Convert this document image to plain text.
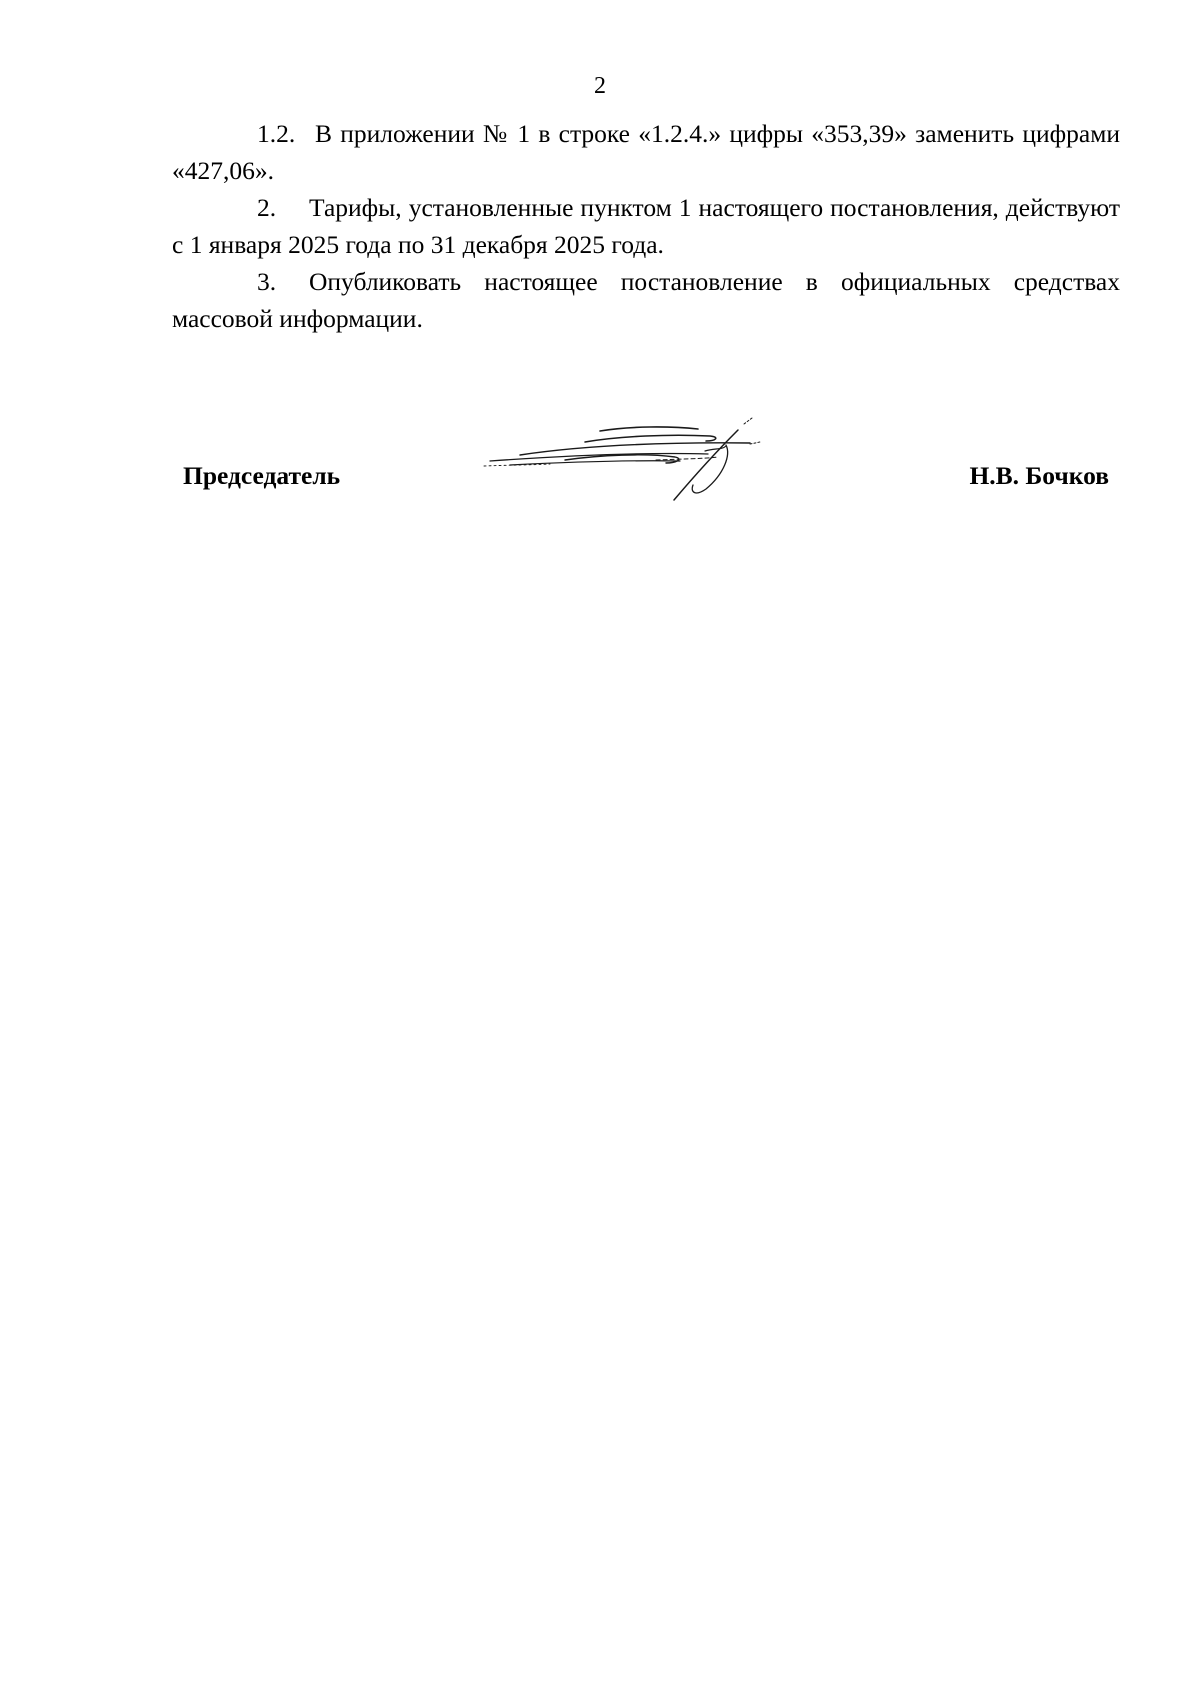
2

1.2. В приложении № 1 в строке «1.2.4.» цифры «353,39» заменить цифрами «427,06».

2. Тарифы, установленные пунктом 1 настоящего постановления, действуют с 1 января 2025 года по 31 декабря 2025 года.

3. Опубликовать настоящее постановление в официальных средствах массовой информации.

Председатель	Н.В. Бочков
